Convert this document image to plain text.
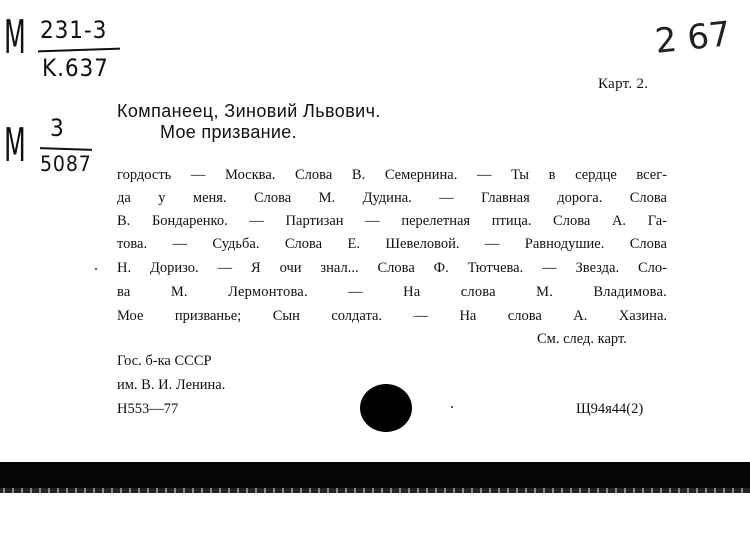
M 231-3
K.637
M 3
5087
2 67
Карт. 2.
Компанеец, Зиновий Львович.
Мое призвание.
гордость — Москва. Слова В. Семернина. — Ты в сердце всег-
да у меня. Слова М. Дудина. — Главная дорога. Слова
В. Бондаренко. — Партизан — перелетная птица. Слова А. Га-
това. — Судьба. Слова Е. Шевеловой. — Равнодушие. Слова
Н. Доризо. — Я очи знал... Слова Ф. Тютчева. — Звезда. Сло-
ва М. Лермонтова. — На слова М. Владимова.
Мое призванье; Сын солдата. — На слова А. Хазина.
См. след. карт.
Гос. б-ка СССР
им. В. И. Ленина.
Н553—77	Щ94я44(2)
